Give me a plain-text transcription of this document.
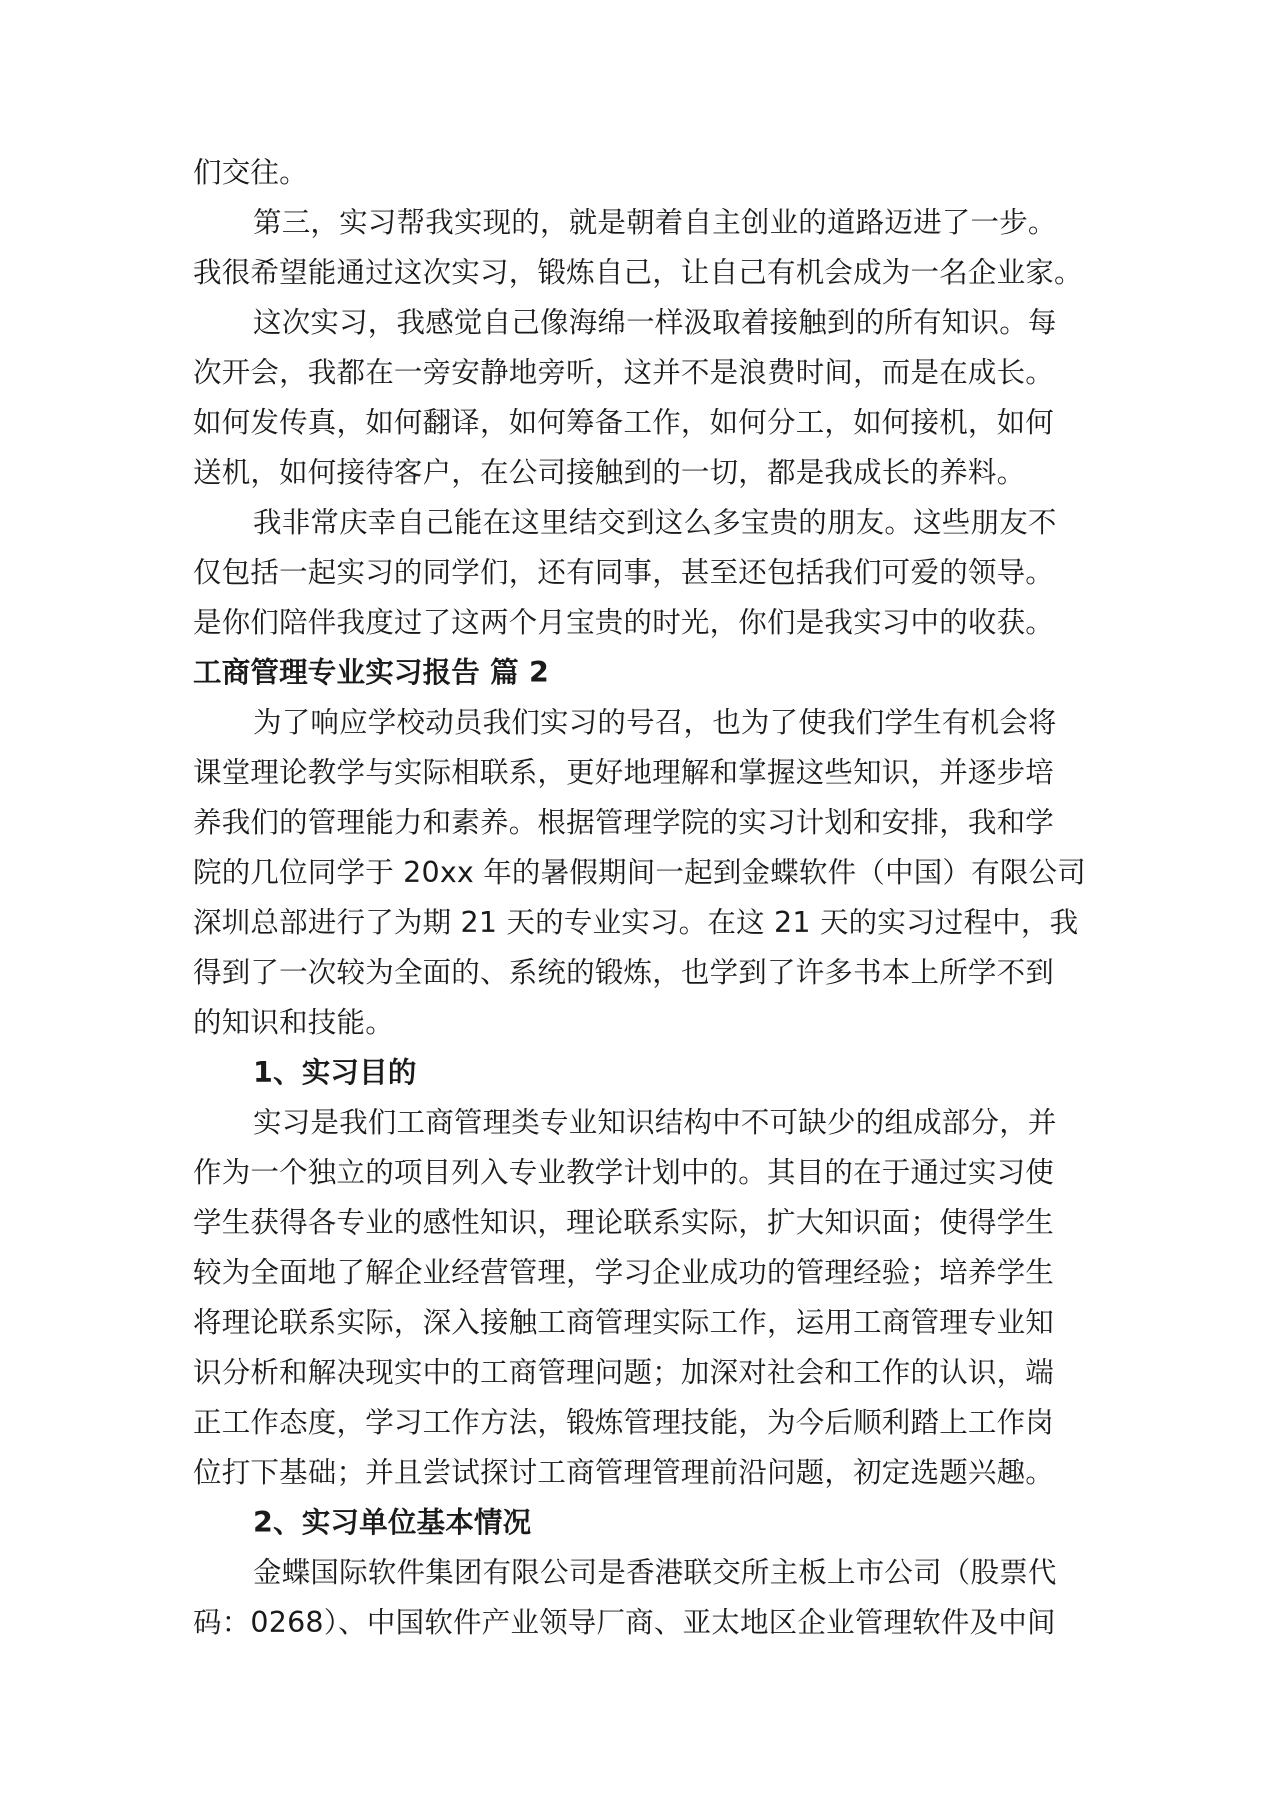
们交往。
第三，实习帮我实现的，就是朝着自主创业的道路迈进了一步。
我很希望能通过这次实习，锻炼自己，让自己有机会成为一名企业家。
这次实习，我感觉自己像海绵一样汲取着接触到的所有知识。每
次开会，我都在一旁安静地旁听，这并不是浪费时间，而是在成长。
如何发传真，如何翻译，如何筹备工作，如何分工，如何接机，如何
送机，如何接待客户，在公司接触到的一切，都是我成长的养料。
我非常庆幸自己能在这里结交到这么多宝贵的朋友。这些朋友不
仅包括一起实习的同学们，还有同事，甚至还包括我们可爱的领导。
是你们陪伴我度过了这两个月宝贵的时光，你们是我实习中的收获。
工商管理专业实习报告 篇 2
为了响应学校动员我们实习的号召，也为了使我们学生有机会将
课堂理论教学与实际相联系，更好地理解和掌握这些知识，并逐步培
养我们的管理能力和素养。根据管理学院的实习计划和安排，我和学
院的几位同学于 20xx 年的暑假期间一起到金蝶软件（中国）有限公司
深圳总部进行了为期 21 天的专业实习。在这 21 天的实习过程中，我
得到了一次较为全面的、系统的锻炼，也学到了许多书本上所学不到
的知识和技能。
1、实习目的
实习是我们工商管理类专业知识结构中不可缺少的组成部分，并
作为一个独立的项目列入专业教学计划中的。其目的在于通过实习使
学生获得各专业的感性知识，理论联系实际，扩大知识面；使得学生
较为全面地了解企业经营管理，学习企业成功的管理经验；培养学生
将理论联系实际，深入接触工商管理实际工作，运用工商管理专业知
识分析和解决现实中的工商管理问题；加深对社会和工作的认识，端
正工作态度，学习工作方法，锻炼管理技能，为今后顺利踏上工作岗
位打下基础；并且尝试探讨工商管理管理前沿问题，初定选题兴趣。
2、实习单位基本情况
金蝶国际软件集团有限公司是香港联交所主板上市公司（股票代
码：0268）、中国软件产业领导厂商、亚太地区企业管理软件及中间
